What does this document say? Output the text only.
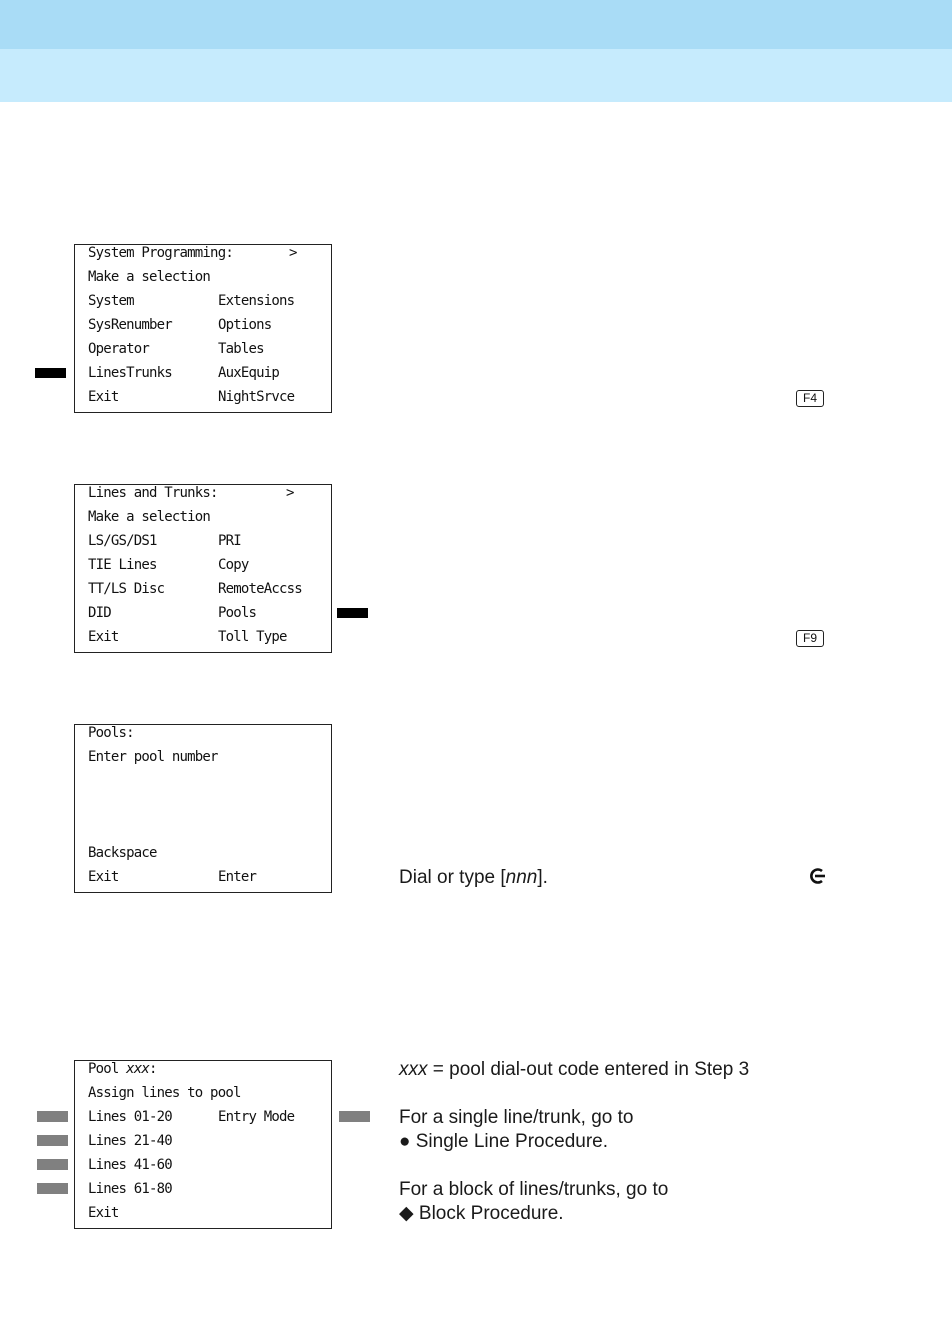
System Programming:	>
Make a selection
System	Extensions
SysRenumber	Options
Operator	Tables
LinesTrunks	AuxEquip
Exit	NightSrvce	F4
Lines and Trunks:	>
Make a selection
LS/GS/DS1	PRI
TIE Lines	Copy
TT/LS Disc	RemoteAccss
DID	Pools
Exit	Toll Type	F9
Pools:
Enter pool number
Backspace
Exit	Enter	Dial or type [nnn].
Pool xxx:
Assign lines to pool
Lines 01-20	Entry Mode
Lines 21-40
Lines 41-60
Lines 61-80
Exit
xxx = pool dial-out code entered in Step 3
For a single line/trunk, go to
● Single Line Procedure.
For a block of lines/trunks, go to
◆ Block Procedure.
